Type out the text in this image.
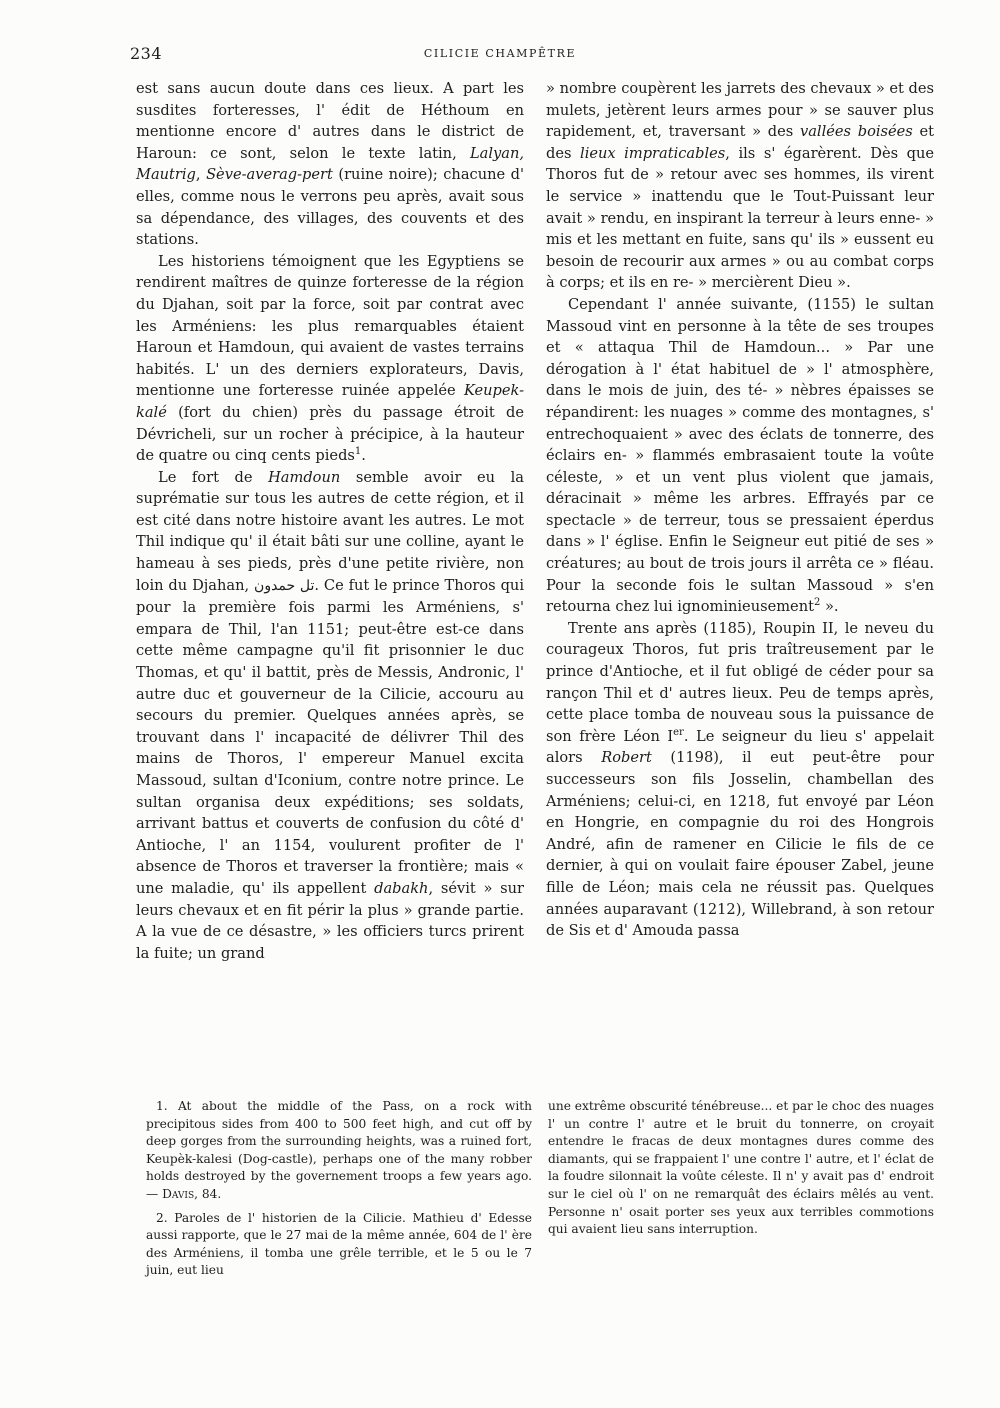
234	CILICIE CHAMPÊTRE

est sans aucun doute dans ces lieux. A part les susdites forteresses, l' édit de Héthoum en mentionne encore d' autres dans le district de Haroun: ce sont, selon le texte latin, Lalyan, Mautrig, Sève-averag-pert (ruine noire); chacune d' elles, comme nous le verrons peu après, avait sous sa dépendance, des villages, des couvents et des stations.

Les historiens témoignent que les Egyptiens se rendirent maîtres de quinze forteresse de la région du Djahan, soit par la force, soit par contrat avec les Arméniens: les plus remarquables étaient Haroun et Hamdoun, qui avaient de vastes terrains habités. L' un des derniers explorateurs, Davis, mentionne une forteresse ruinée appelée Keupek-kalé (fort du chien) près du passage étroit de Dévricheli, sur un rocher à précipice, à la hauteur de quatre ou cinq cents pieds$^1$.

Le fort de Hamdoun semble avoir eu la suprématie sur tous les autres de cette région, et il est cité dans notre histoire avant les autres. Le mot Thil indique qu' il était bâti sur une colline, ayant le hameau à ses pieds, près d'une petite rivière, non loin du Djahan, تل حمدون. Ce fut le prince Thoros qui pour la première fois parmi les Arméniens, s' empara de Thil, l'an 1151; peut-être est-ce dans cette même campagne qu'il fit prisonnier le duc Thomas, et qu' il battit, près de Messis, Andronic, l' autre duc et gouverneur de la Cilicie, accouru au secours du premier. Quelques années après, se trouvant dans l' incapacité de délivrer Thil des mains de Thoros, l' empereur Manuel excita Massoud, sultan d'Iconium, contre notre prince. Le sultan organisa deux expéditions; ses soldats, arrivant battus et couverts de confusion du côté d' Antioche, l' an 1154, voulurent profiter de l' absence de Thoros et traverser la frontière; mais « une maladie, qu' ils appellent dabakh, sévit » sur leurs chevaux et en fit périr la plus » grande partie. A la vue de ce désastre, » les officiers turcs prirent la fuite; un grand

» nombre coupèrent les jarrets des chevaux » et des mulets, jetèrent leurs armes pour » se sauver plus rapidement, et, traversant » des vallées boisées et des lieux impraticables, ils s' égarèrent. Dès que Thoros fut de » retour avec ses hommes, ils virent le service » inattendu que le Tout-Puissant leur avait » rendu, en inspirant la terreur à leurs enne- » mis et les mettant en fuite, sans qu' ils » eussent eu besoin de recourir aux armes » ou au combat corps à corps; et ils en re- » mercièrent Dieu ».

Cependant l' année suivante, (1155) le sultan Massoud vint en personne à la tête de ses troupes et « attaqua Thil de Hamdoun... » Par une dérogation à l' état habituel de » l' atmosphère, dans le mois de juin, des té- » nèbres épaisses se répandirent: les nuages » comme des montagnes, s' entrechoquaient » avec des éclats de tonnerre, des éclairs en- » flammés embrasaient toute la voûte céleste, » et un vent plus violent que jamais, déracinait » même les arbres. Effrayés par ce spectacle » de terreur, tous se pressaient éperdus dans » l' église. Enfin le Seigneur eut pitié de ses » créatures; au bout de trois jours il arrêta ce » fléau. Pour la seconde fois le sultan Massoud » s'en retourna chez lui ignominieusement$^2$ ».

Trente ans après (1185), Roupin II, le neveu du courageux Thoros, fut pris traîtreusement par le prince d'Antioche, et il fut obligé de céder pour sa rançon Thil et d' autres lieux. Peu de temps après, cette place tomba de nouveau sous la puissance de son frère Léon Ier. Le seigneur du lieu s' appelait alors Robert (1198), il eut peut-être pour successeurs son fils Josselin, chambellan des Arméniens; celui-ci, en 1218, fut envoyé par Léon en Hongrie, en compagnie du roi des Hongrois André, afin de ramener en Cilicie le fils de ce dernier, à qui on voulait faire épouser Zabel, jeune fille de Léon; mais cela ne réussit pas. Quelques années auparavant (1212), Willebrand, à son retour de Sis et d' Amouda passa

1. At about the middle of the Pass, on a rock with precipitous sides from 400 to 500 feet high, and cut off by deep gorges from the surrounding heights, was a ruined fort, Keupèk-kalesi (Dog-castle), perhaps one of the many robber holds destroyed by the governement troops a few years ago. — Davis, 84.

2. Paroles de l' historien de la Cilicie. Mathieu d' Edesse aussi rapporte, que le 27 mai de la même année, 604 de l' ère des Arméniens, il tomba une grêle terrible, et le 5 ou le 7 juin, eut lieu

une extrême obscurité ténébreuse... et par le choc des nuages l' un contre l' autre et le bruit du tonnerre, on croyait entendre le fracas de deux montagnes dures comme des diamants, qui se frappaient l' une contre l' autre, et l' éclat de la foudre silonnait la voûte céleste. Il n' y avait pas d' endroit sur le ciel où l' on ne remarquât des éclairs mêlés au vent. Personne n' osait porter ses yeux aux terribles commotions qui avaient lieu sans interruption.
